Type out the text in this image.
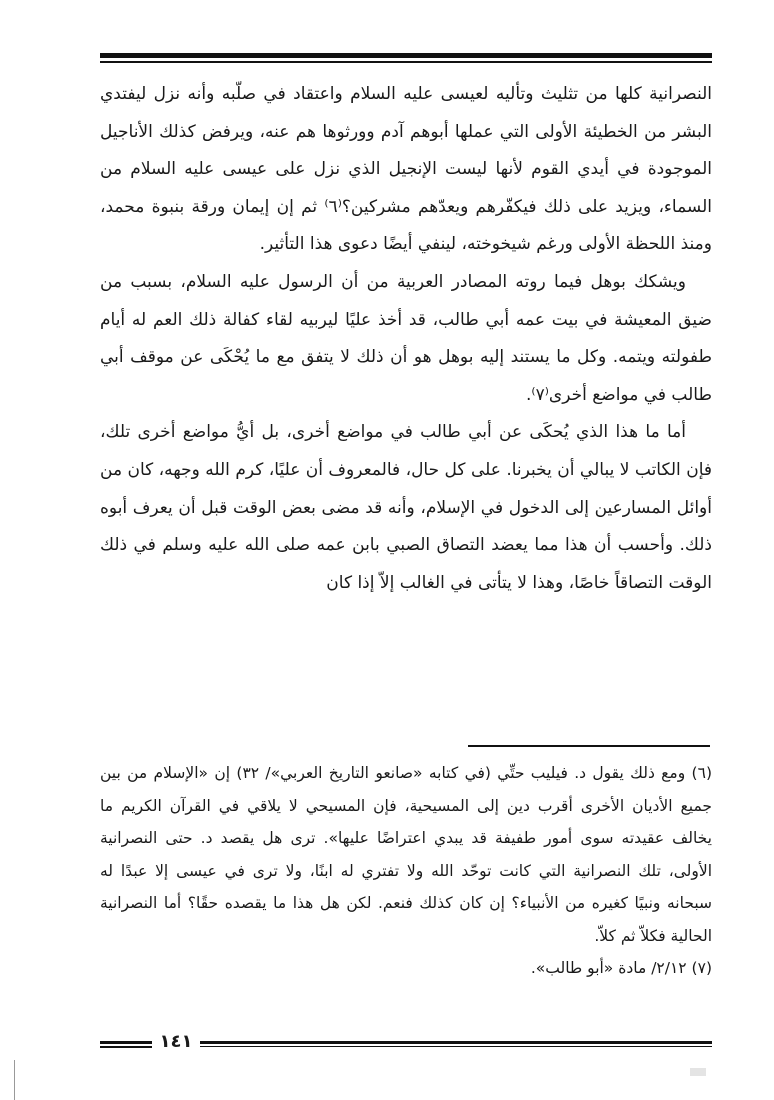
النصرانية كلها من تثليث وتأليه لعيسى عليه السلام واعتقاد في صلّبه وأنه نزل ليفتدي البشر من الخطيئة الأولى التي عملها أبوهم آدم وورثوها هم عنه، ويرفض كذلك الأناجيل الموجودة في أيدي القوم لأنها ليست الإنجيل الذي نزل على عيسى عليه السلام من السماء، ويزيد على ذلك فيكفّرهم ويعدّهم مشركين؟⁽٦⁾ ثم إن إيمان ورقة بنبوة محمد، ومنذ اللحظة الأولى ورغم شيخوخته، لينفي أيضًا دعوى هذا التأثير.

ويشكك بوهل فيما روته المصادر العربية من أن الرسول عليه السلام، بسبب من ضيق المعيشة في بيت عمه أبي طالب، قد أخذ عليًا ليربيه لقاء كفالة ذلك العم له أيام طفولته ويتمه. وكل ما يستند إليه بوهل هو أن ذلك لا يتفق مع ما يُحْكَى عن موقف أبي طالب في مواضع أخرى⁽٧⁾.

أما ما هذا الذي يُحكَى عن أبي طالب في مواضع أخرى، بل أيُّ مواضع أخرى تلك، فإن الكاتب لا يبالي أن يخبرنا. على كل حال، فالمعروف أن عليًا، كرم الله وجهه، كان من أوائل المسارعين إلى الدخول في الإسلام، وأنه قد مضى بعض الوقت قبل أن يعرف أبوه ذلك. وأحسب أن هذا مما يعضد التصاق الصبي بابن عمه صلى الله عليه وسلم في ذلك الوقت التصاقاً خاصًا، وهذا لا يتأتى في الغالب إلاّ إذا كان

(٦) ومع ذلك يقول د. فيليب حتِّي (في كتابه «صانعو التاريخ العربي»/ ٣٢) إن «الإسلام من بين جميع الأديان الأخرى أقرب دين إلى المسيحية، فإن المسيحي لا يلاقي في القرآن الكريم ما يخالف عقيدته سوى أمور طفيفة قد يبدي اعتراضًا عليها». ترى هل يقصد د. حتى النصرانية الأولى، تلك النصرانية التي كانت توحّد الله ولا تفتري له ابنًا، ولا ترى في عيسى إلا عبدًا له سبحانه ونبيًا كغيره من الأنبياء؟ إن كان كذلك فنعم. لكن هل هذا ما يقصده حقًا؟ أما النصرانية الحالية فكلاّ ثم كلاّ.

(٧) ٢/١٢/ مادة «أبو طالب».

١٤١
